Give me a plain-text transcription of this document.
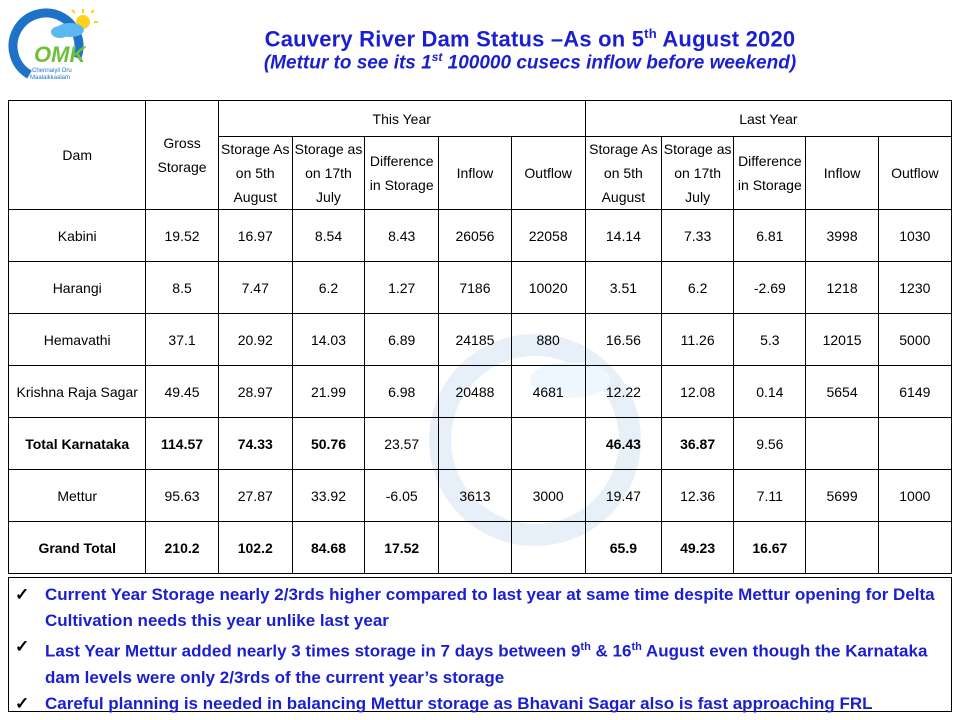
OMK
Chennaiyil Oru
Maalaikkaalam
Cauvery River Dam Status –As on 5th August 2020
(Mettur to see its 1st 100000 cusecs inflow before weekend)
Dam	Gross Storage	This Year					Last Year				
		Storage As on 5th August	Storage as on 17th July	Difference in Storage	Inflow	Outflow	Storage As on 5th August	Storage as on 17th July	Difference in Storage	Inflow	Outflow
Kabini	19.52	16.97	8.54	8.43	26056	22058	14.14	7.33	6.81	3998	1030
Harangi	8.5	7.47	6.2	1.27	7186	10020	3.51	6.2	-2.69	1218	1230
Hemavathi	37.1	20.92	14.03	6.89	24185	880	16.56	11.26	5.3	12015	5000
Krishna Raja Sagar	49.45	28.97	21.99	6.98	20488	4681	12.22	12.08	0.14	5654	6149
Total Karnataka	114.57	74.33	50.76	23.57			46.43	36.87	9.56		
Mettur	95.63	27.87	33.92	-6.05	3613	3000	19.47	12.36	7.11	5699	1000
Grand Total	210.2	102.2	84.68	17.52			65.9	49.23	16.67		
✓ Current Year Storage nearly 2/3rds higher compared to last year at same time despite Mettur opening for Delta Cultivation needs this year unlike last year
✓ Last Year Mettur added nearly 3 times storage in 7 days between 9th & 16th August even though the Karnataka dam levels were only 2/3rds of the current year’s storage
✓ Careful planning is needed in balancing Mettur storage as Bhavani Sagar also is fast approaching FRL
